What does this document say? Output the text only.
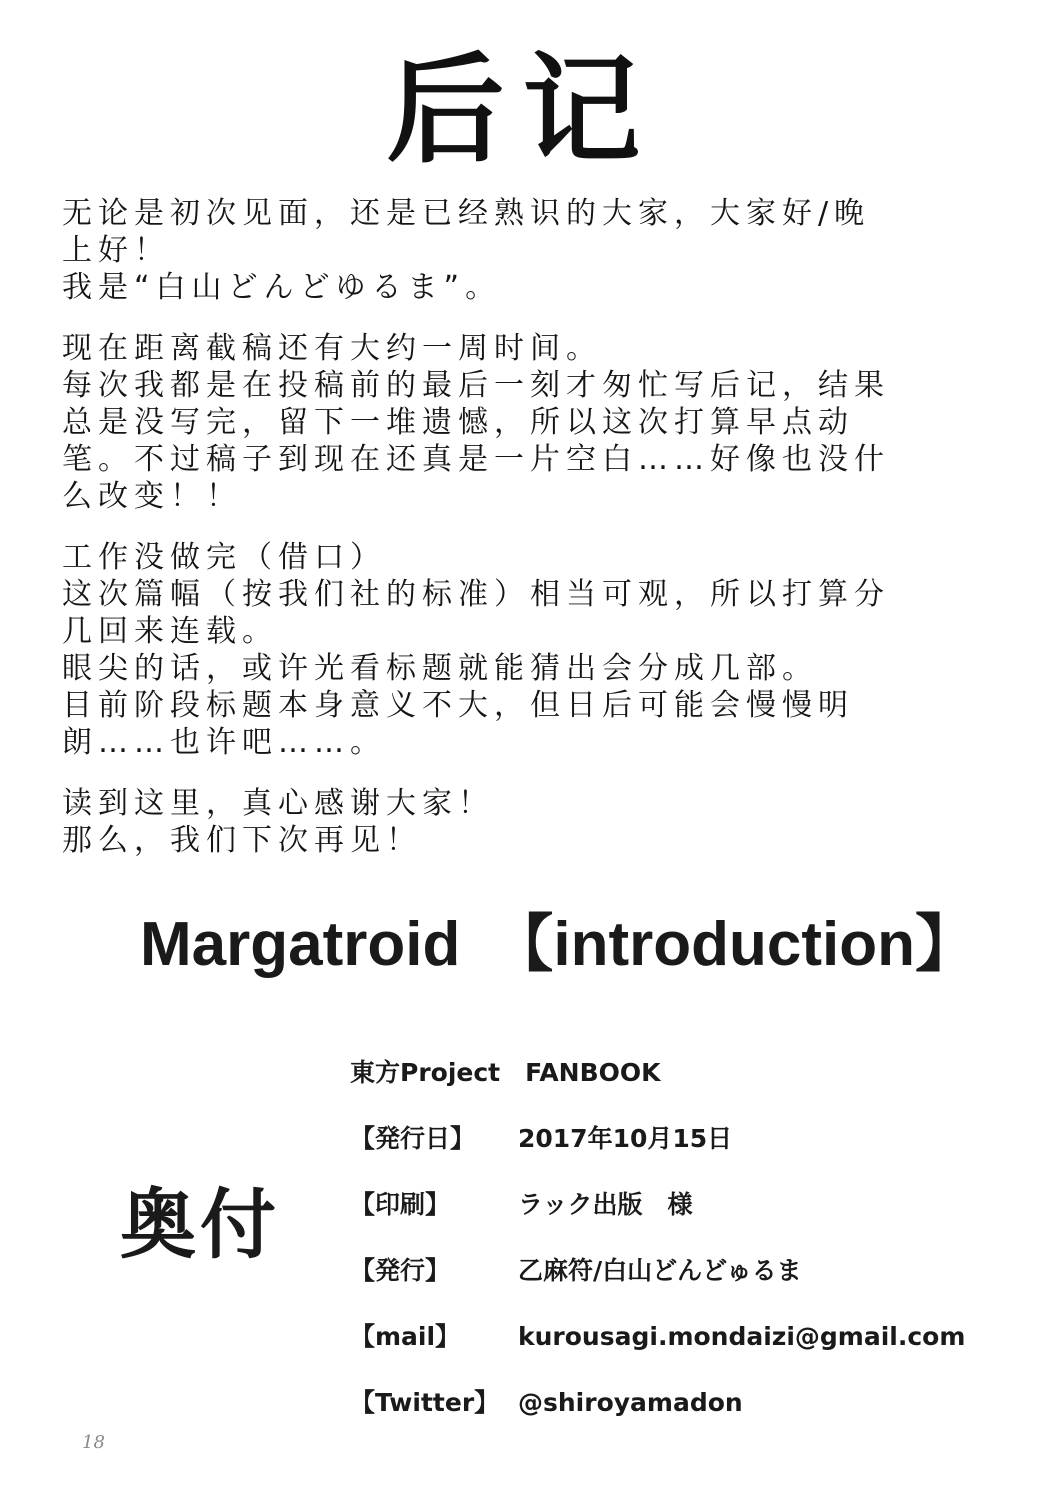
后记
无论是初次见面，还是已经熟识的大家，大家好/晚
上好！
我是“白山どんどゆるま”。
现在距离截稿还有大约一周时间。
每次我都是在投稿前的最后一刻才匆忙写后记，结果
总是没写完，留下一堆遗憾，所以这次打算早点动
笔。不过稿子到现在还真是一片空白……好像也没什
么改变！！
工作没做完（借口）
这次篇幅（按我们社的标准）相当可观，所以打算分
几回来连载。
眼尖的话，或许光看标题就能猜出会分成几部。
目前阶段标题本身意义不大，但日后可能会慢慢明
朗……也许吧……。
读到这里，真心感谢大家！
那么，我们下次再见！
Margatroid　【introduction】
奥付
東方Project　FANBOOK
【発行日】	2017年10月15日
【印刷】	ラック出版　様
【発行】	乙麻符/白山どんどゅるま
【mail】	kurousagi.mondaizi@gmail.com
【Twitter】 @shiroyamadon
18
